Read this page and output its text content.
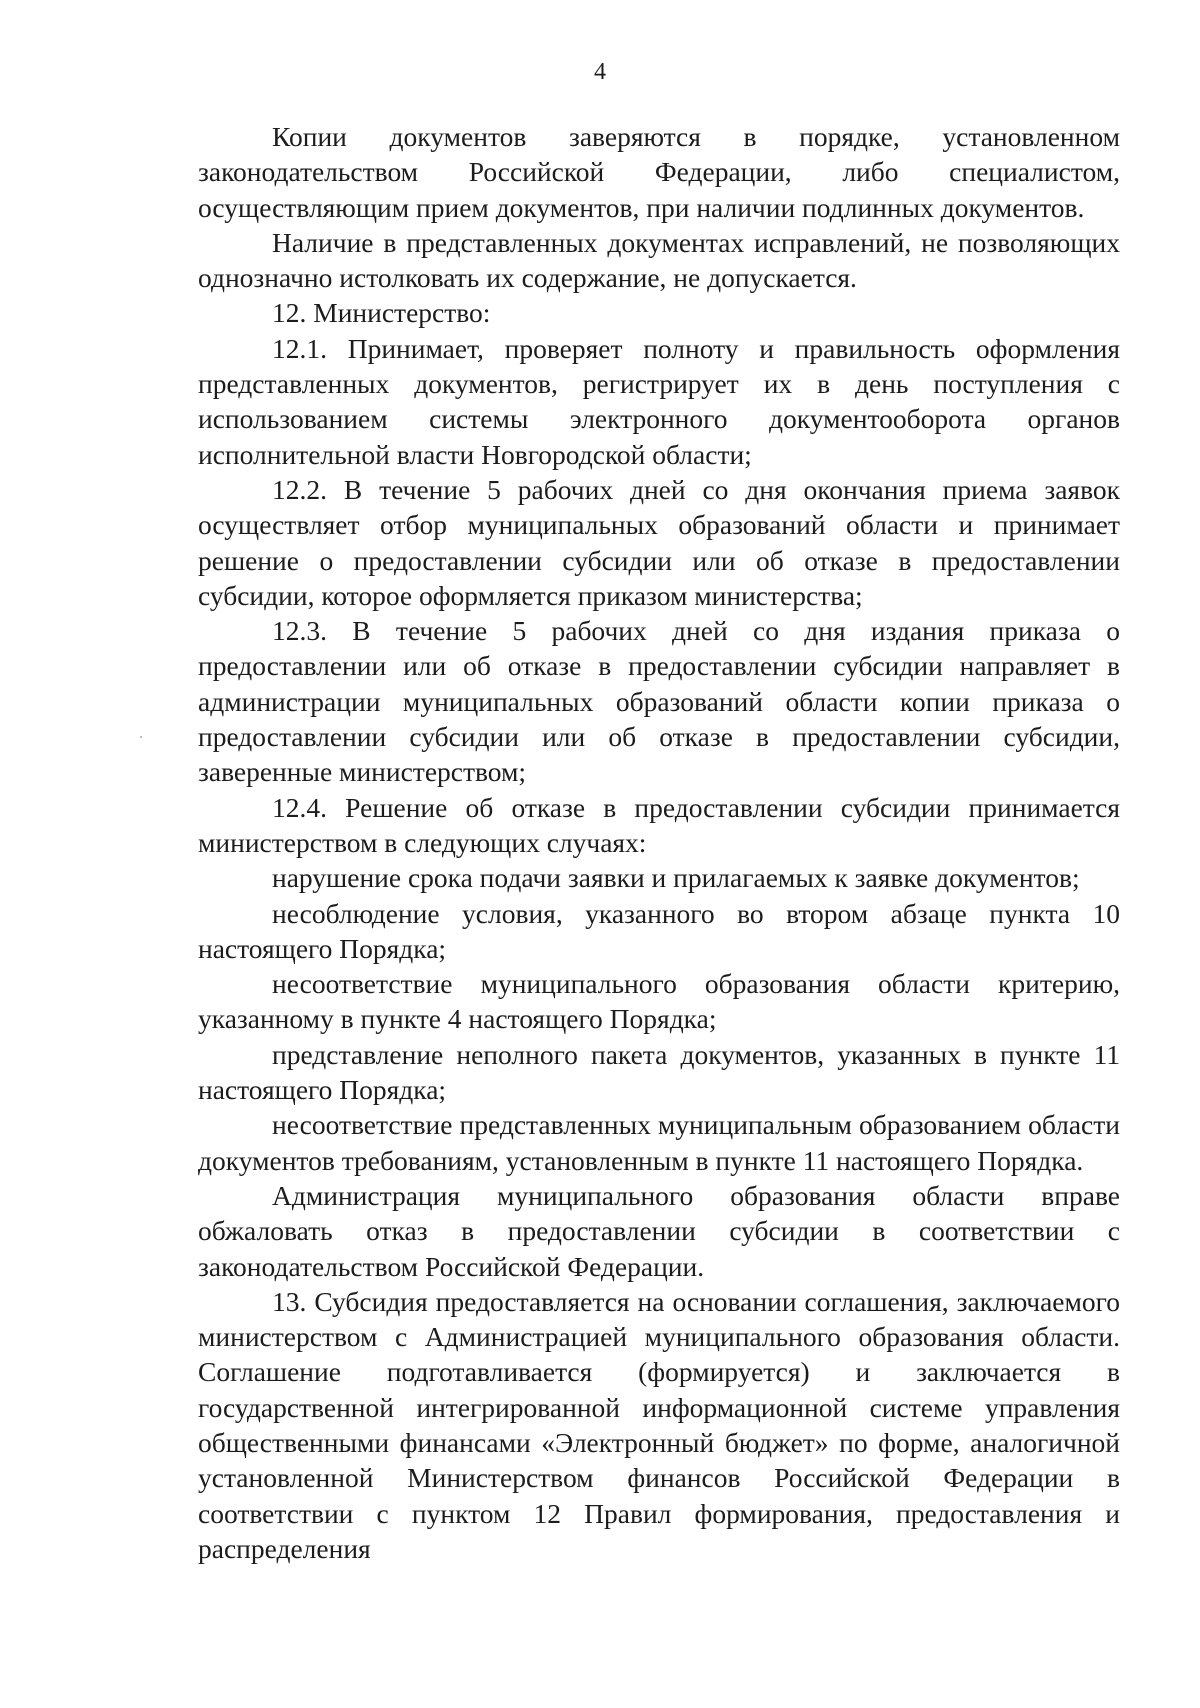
4

Копии документов заверяются в порядке, установленном законодательством Российской Федерации, либо специалистом, осуществляющим прием документов, при наличии подлинных документов.

Наличие в представленных документах исправлений, не позволяющих однозначно истолковать их содержание, не допускается.

12. Министерство:

12.1. Принимает, проверяет полноту и правильность оформления представленных документов, регистрирует их в день поступления с использованием системы электронного документооборота органов исполнительной власти Новгородской области;

12.2. В течение 5 рабочих дней со дня окончания приема заявок осуществляет отбор муниципальных образований области и принимает решение о предоставлении субсидии или об отказе в предоставлении субсидии, которое оформляется приказом министерства;

12.3. В течение 5 рабочих дней со дня издания приказа о предоставлении или об отказе в предоставлении субсидии направляет в администрации муниципальных образований области копии приказа о предоставлении субсидии или об отказе в предоставлении субсидии, заверенные министерством;

12.4. Решение об отказе в предоставлении субсидии принимается министерством в следующих случаях:

нарушение срока подачи заявки и прилагаемых к заявке документов;

несоблюдение условия, указанного во втором абзаце пункта 10 настоящего Порядка;

несоответствие муниципального образования области критерию, указанному в пункте 4 настоящего Порядка;

представление неполного пакета документов, указанных в пункте 11 настоящего Порядка;

несоответствие представленных муниципальным образованием области документов требованиям, установленным в пункте 11 настоящего Порядка.

Администрация муниципального образования области вправе обжаловать отказ в предоставлении субсидии в соответствии с законодательством Российской Федерации.

13. Субсидия предоставляется на основании соглашения, заключаемого министерством с Администрацией муниципального образования области. Соглашение подготавливается (формируется) и заключается в государственной интегрированной информационной системе управления общественными финансами «Электронный бюджет» по форме, аналогичной установленной Министерством финансов Российской Федерации в соответствии с пунктом 12 Правил формирования, предоставления и распределения
